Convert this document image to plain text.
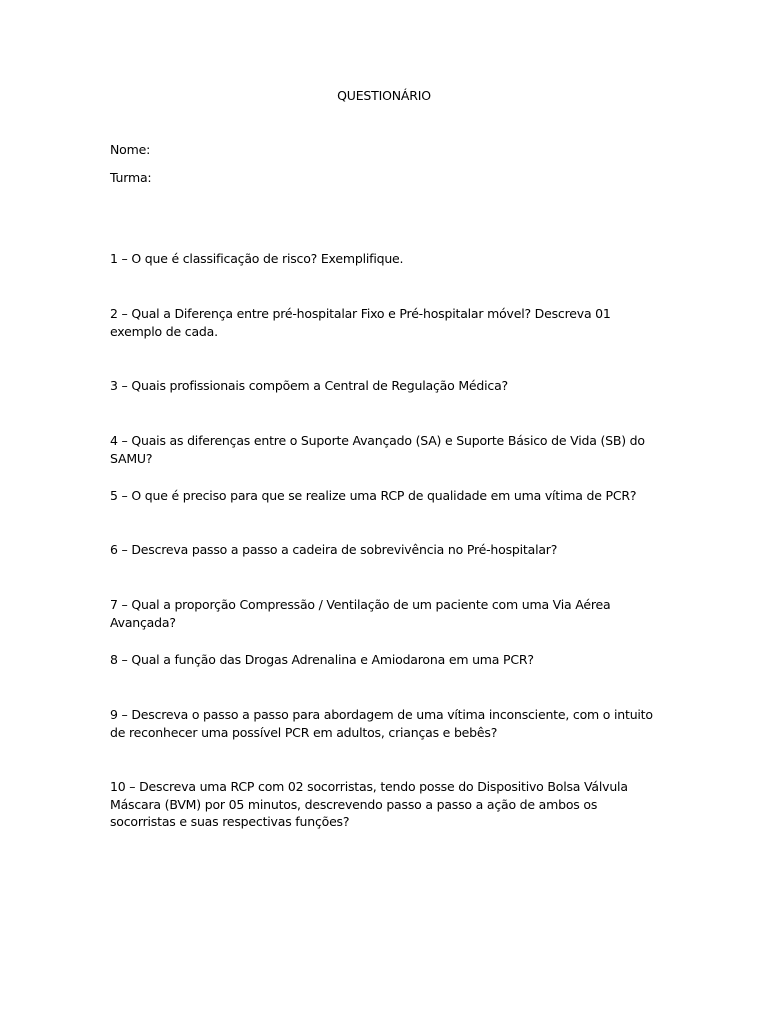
QUESTIONÁRIO
Nome:
Turma:

1 – O que é classificação de risco? Exemplifique.

2 – Qual a Diferença entre pré-hospitalar Fixo e Pré-hospitalar móvel? Descreva 01 exemplo de cada.

3 – Quais profissionais compõem a Central de Regulação Médica?

4 – Quais as diferenças entre o Suporte Avançado (SA) e Suporte Básico de Vida (SB) do SAMU?

5 – O que é preciso para que se realize uma RCP de qualidade em uma vítima de PCR?

6 – Descreva passo a passo a cadeira de sobrevivência no Pré-hospitalar?

7 – Qual a proporção Compressão / Ventilação de um paciente com uma Via Aérea Avançada?

8 – Qual a função das Drogas Adrenalina e Amiodarona em uma PCR?

9 – Descreva o passo a passo para abordagem de uma vítima inconsciente, com o intuito de reconhecer uma possível PCR em adultos, crianças e bebês?

10 – Descreva uma RCP com 02 socorristas, tendo posse do Dispositivo Bolsa Válvula Máscara (BVM) por 05 minutos, descrevendo passo a passo a ação de ambos os socorristas e suas respectivas funções?
